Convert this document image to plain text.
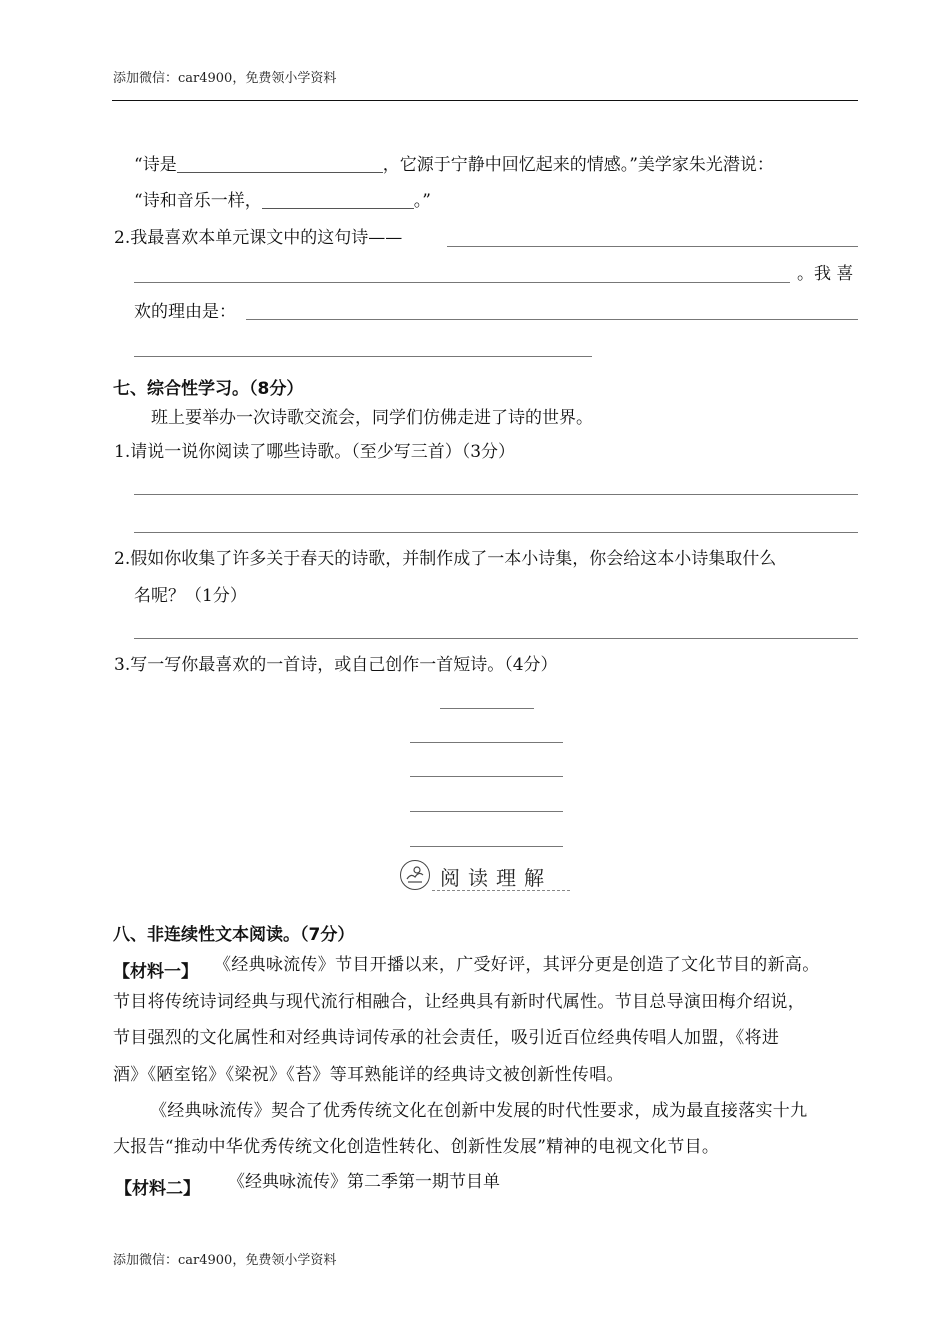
添加微信：car4900，免费领小学资料
“诗是	，它源于宁静中回忆起来的情感。”美学家朱光潜说：
“诗和音乐一样，	。”
2.我最喜欢本单元课文中的这句诗——
。我 喜
欢的理由是：
七、综合性学习。（8分）
班上要举办一次诗歌交流会，同学们仿佛走进了诗的世界。
1.请说一说你阅读了哪些诗歌。（至少写三首）（3分）
2.假如你收集了许多关于春天的诗歌，并制作成了一本小诗集，你会给这本小诗集取什么
名呢？（1分）
3.写一写你最喜欢的一首诗，或自己创作一首短诗。（4分）
阅读理解
八、非连续性文本阅读。（7分）
【材料一】 《经典咏流传》节目开播以来，广受好评，其评分更是创造了文化节目的新高。
节目将传统诗词经典与现代流行相融合，让经典具有新时代属性。节目总导演田梅介绍说，
节目强烈的文化属性和对经典诗词传承的社会责任，吸引近百位经典传唱人加盟，《将进
酒》《陋室铭》《梁祝》《苔》等耳熟能详的经典诗文被创新性传唱。
《经典咏流传》契合了优秀传统文化在创新中发展的时代性要求，成为最直接落实十九
大报告“推动中华优秀传统文化创造性转化、创新性发展”精神的电视文化节目。
【材料二】 《经典咏流传》第二季第一期节目单
添加微信：car4900，免费领小学资料
